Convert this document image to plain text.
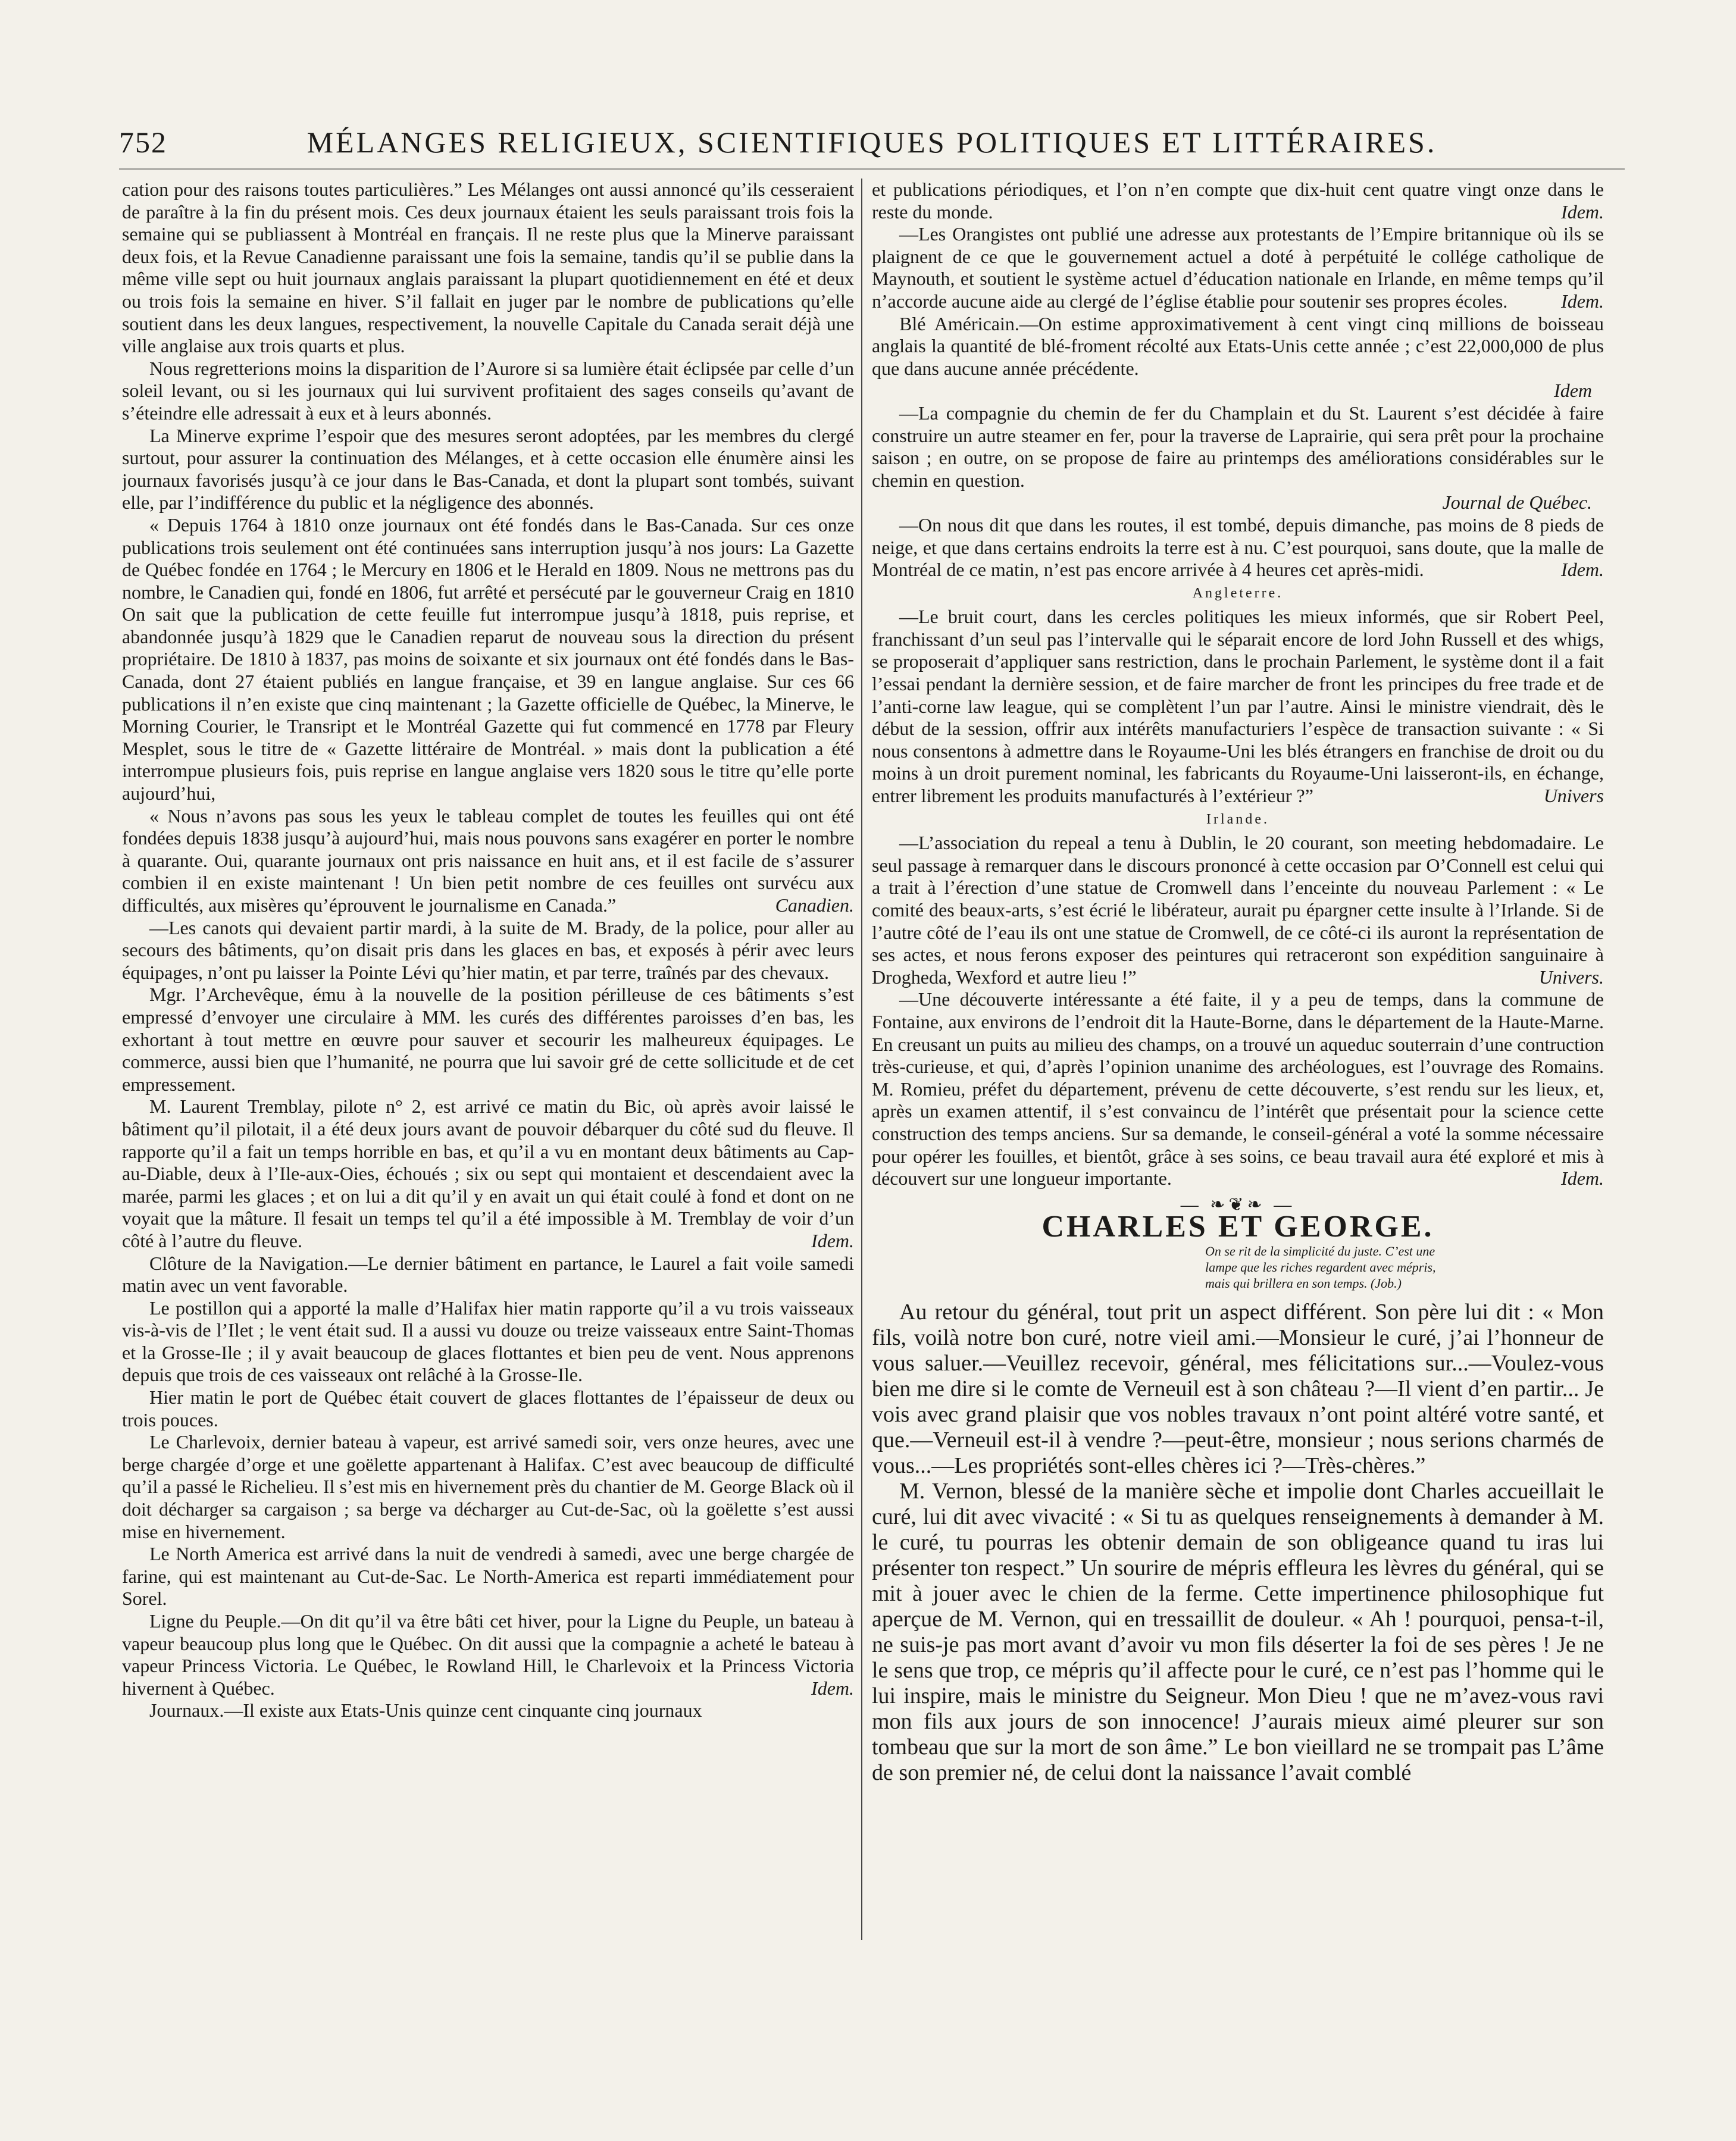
752	MÉLANGES RELIGIEUX, SCIENTIFIQUES POLITIQUES ET LITTÉRAIRES.

cation pour des raisons toutes particulières.” Les Mélanges ont aussi annoncé qu’ils cesseraient de paraître à la fin du présent mois. Ces deux journaux étaient les seuls paraissant trois fois la semaine qui se publiassent à Montréal en français. Il ne reste plus que la Minerve paraissant deux fois, et la Revue Canadienne paraissant une fois la semaine, tandis qu’il se publie dans la même ville sept ou huit journaux anglais paraissant la plupart quotidiennement en été et deux ou trois fois la semaine en hiver. S’il fallait en juger par le nombre de publications qu’elle soutient dans les deux langues, respectivement, la nouvelle Capitale du Canada serait déjà une ville anglaise aux trois quarts et plus.

Nous regretterions moins la disparition de l’Aurore si sa lumière était éclipsée par celle d’un soleil levant, ou si les journaux qui lui survivent profitaient des sages conseils qu’avant de s’éteindre elle adressait à eux et à leurs abonnés.

La Minerve exprime l’espoir que des mesures seront adoptées, par les membres du clergé surtout, pour assurer la continuation des Mélanges, et à cette occasion elle énumère ainsi les journaux favorisés jusqu’à ce jour dans le Bas-Canada, et dont la plupart sont tombés, suivant elle, par l’indifférence du public et la négligence des abonnés.

« Depuis 1764 à 1810 onze journaux ont été fondés dans le Bas-Canada. Sur ces onze publications trois seulement ont été continuées sans interruption jusqu’à nos jours: La Gazette de Québec fondée en 1764 ; le Mercury en 1806 et le Herald en 1809. Nous ne mettrons pas du nombre, le Canadien qui, fondé en 1806, fut arrêté et persécuté par le gouverneur Craig en 1810 On sait que la publication de cette feuille fut interrompue jusqu’à 1818, puis reprise, et abandonnée jusqu’à 1829 que le Canadien reparut de nouveau sous la direction du présent propriétaire. De 1810 à 1837, pas moins de soixante et six journaux ont été fondés dans le Bas-Canada, dont 27 étaient publiés en langue française, et 39 en langue anglaise. Sur ces 66 publications il n’en existe que cinq maintenant ; la Gazette officielle de Québec, la Minerve, le Morning Courier, le Transript et le Montréal Gazette qui fut commencé en 1778 par Fleury Mesplet, sous le titre de « Gazette littéraire de Montréal. » mais dont la publication a été interrompue plusieurs fois, puis reprise en langue anglaise vers 1820 sous le titre qu’elle porte aujourd’hui,

« Nous n’avons pas sous les yeux le tableau complet de toutes les feuilles qui ont été fondées depuis 1838 jusqu’à aujourd’hui, mais nous pouvons sans exagérer en porter le nombre à quarante. Oui, quarante journaux ont pris naissance en huit ans, et il est facile de s’assurer combien il en existe maintenant ! Un bien petit nombre de ces feuilles ont survécu aux difficultés, aux misères qu’éprouvent le journalisme en Canada.”	Canadien.

—Les canots qui devaient partir mardi, à la suite de M. Brady, de la police, pour aller au secours des bâtiments, qu’on disait pris dans les glaces en bas, et exposés à périr avec leurs équipages, n’ont pu laisser la Pointe Lévi qu’hier matin, et par terre, traînés par des chevaux.

Mgr. l’Archevêque, ému à la nouvelle de la position périlleuse de ces bâtiments s’est empressé d’envoyer une circulaire à MM. les curés des différentes paroisses d’en bas, les exhortant à tout mettre en œuvre pour sauver et secourir les malheureux équipages. Le commerce, aussi bien que l’humanité, ne pourra que lui savoir gré de cette sollicitude et de cet empressement.

M. Laurent Tremblay, pilote n° 2, est arrivé ce matin du Bic, où après avoir laissé le bâtiment qu’il pilotait, il a été deux jours avant de pouvoir débarquer du côté sud du fleuve. Il rapporte qu’il a fait un temps horrible en bas, et qu’il a vu en montant deux bâtiments au Cap-au-Diable, deux à l’Ile-aux-Oies, échoués ; six ou sept qui montaient et descendaient avec la marée, parmi les glaces ; et on lui a dit qu’il y en avait un qui était coulé à fond et dont on ne voyait que la mâture. Il fesait un temps tel qu’il a été impossible à M. Tremblay de voir d’un côté à l’autre du fleuve.	Idem.

Clôture de la Navigation.—Le dernier bâtiment en partance, le Laurel a fait voile samedi matin avec un vent favorable.

Le postillon qui a apporté la malle d’Halifax hier matin rapporte qu’il a vu trois vaisseaux vis-à-vis de l’Ilet ; le vent était sud. Il a aussi vu douze ou treize vaisseaux entre Saint-Thomas et la Grosse-Ile ; il y avait beaucoup de glaces flottantes et bien peu de vent. Nous apprenons depuis que trois de ces vaisseaux ont relâché à la Grosse-Ile.

Hier matin le port de Québec était couvert de glaces flottantes de l’épaisseur de deux ou trois pouces.

Le Charlevoix, dernier bateau à vapeur, est arrivé samedi soir, vers onze heures, avec une berge chargée d’orge et une goëlette appartenant à Halifax. C’est avec beaucoup de difficulté qu’il a passé le Richelieu. Il s’est mis en hivernement près du chantier de M. George Black où il doit décharger sa cargaison ; sa berge va décharger au Cut-de-Sac, où la goëlette s’est aussi mise en hivernement.

Le North America est arrivé dans la nuit de vendredi à samedi, avec une berge chargée de farine, qui est maintenant au Cut-de-Sac. Le North-America est reparti immédiatement pour Sorel.

Ligne du Peuple.—On dit qu’il va être bâti cet hiver, pour la Ligne du Peuple, un bateau à vapeur beaucoup plus long que le Québec. On dit aussi que la compagnie a acheté le bateau à vapeur Princess Victoria. Le Québec, le Rowland Hill, le Charlevoix et la Princess Victoria hivernent à Québec.	Idem.

Journaux.—Il existe aux Etats-Unis quinze cent cinquante cinq journaux

et publications périodiques, et l’on n’en compte que dix-huit cent quatre vingt onze dans le reste du monde.	Idem.

—Les Orangistes ont publié une adresse aux protestants de l’Empire britannique où ils se plaignent de ce que le gouvernement actuel a doté à perpétuité le collége catholique de Maynouth, et soutient le système actuel d’éducation nationale en Irlande, en même temps qu’il n’accorde aucune aide au clergé de l’église établie pour soutenir ses propres écoles.	Idem.

Blé Américain.—On estime approximativement à cent vingt cinq millions de boisseau anglais la quantité de blé-froment récolté aux Etats-Unis cette année ; c’est 22,000,000 de plus que dans aucune année précédente.
Idem

—La compagnie du chemin de fer du Champlain et du St. Laurent s’est décidée à faire construire un autre steamer en fer, pour la traverse de Laprairie, qui sera prêt pour la prochaine saison ; en outre, on se propose de faire au printemps des améliorations considérables sur le chemin en question.
Journal de Québec.

—On nous dit que dans les routes, il est tombé, depuis dimanche, pas moins de 8 pieds de neige, et que dans certains endroits la terre est à nu. C’est pourquoi, sans doute, que la malle de Montréal de ce matin, n’est pas encore arrivée à 4 heures cet après-midi.	Idem.

Angleterre.

—Le bruit court, dans les cercles politiques les mieux informés, que sir Robert Peel, franchissant d’un seul pas l’intervalle qui le séparait encore de lord John Russell et des whigs, se proposerait d’appliquer sans restriction, dans le prochain Parlement, le système dont il a fait l’essai pendant la dernière session, et de faire marcher de front les principes du free trade et de l’anti-corne law league, qui se complètent l’un par l’autre. Ainsi le ministre viendrait, dès le début de la session, offrir aux intérêts manufacturiers l’espèce de transaction suivante : « Si nous consentons à admettre dans le Royaume-Uni les blés étrangers en franchise de droit ou du moins à un droit purement nominal, les fabricants du Royaume-Uni laisseront-ils, en échange, entrer librement les produits manufacturés à l’extérieur ?”	Univers

Irlande.

—L’association du repeal a tenu à Dublin, le 20 courant, son meeting hebdomadaire. Le seul passage à remarquer dans le discours prononcé à cette occasion par O’Connell est celui qui a trait à l’érection d’une statue de Cromwell dans l’enceinte du nouveau Parlement : « Le comité des beaux-arts, s’est écrié le libérateur, aurait pu épargner cette insulte à l’Irlande. Si de l’autre côté de l’eau ils ont une statue de Cromwell, de ce côté-ci ils auront la représentation de ses actes, et nous ferons exposer des peintures qui retraceront son expédition sanguinaire à Drogheda, Wexford et autre lieu !”	Univers.

—Une découverte intéressante a été faite, il y a peu de temps, dans la commune de Fontaine, aux environs de l’endroit dit la Haute-Borne, dans le département de la Haute-Marne. En creusant un puits au milieu des champs, on a trouvé un aqueduc souterrain d’une contruction très-curieuse, et qui, d’après l’opinion unanime des archéologues, est l’ouvrage des Romains. M. Romieu, préfet du département, prévenu de cette découverte, s’est rendu sur les lieux, et, après un examen attentif, il s’est convaincu de l’intérêt que présentait pour la science cette construction des temps anciens. Sur sa demande, le conseil-général a voté la somme nécessaire pour opérer les fouilles, et bientôt, grâce à ses soins, ce beau travail aura été exploré et mis à découvert sur une longueur importante.	Idem.

— ❧❦❧ —
CHARLES ET GEORGE.
On se rit de la simplicité du juste. C’est une
lampe que les riches regardent avec mépris,
mais qui brillera en son temps. (Job.)

Au retour du général, tout prit un aspect différent. Son père lui dit : « Mon fils, voilà notre bon curé, notre vieil ami.—Monsieur le curé, j’ai l’honneur de vous saluer.—Veuillez recevoir, général, mes félicitations sur...—Voulez-vous bien me dire si le comte de Verneuil est à son château ?—Il vient d’en partir... Je vois avec grand plaisir que vos nobles travaux n’ont point altéré votre santé, et que.—Verneuil est-il à vendre ?—peut-être, monsieur ; nous serions charmés de vous...—Les propriétés sont-elles chères ici ?—Très-chères.”

M. Vernon, blessé de la manière sèche et impolie dont Charles accueillait le curé, lui dit avec vivacité : « Si tu as quelques renseignements à demander à M. le curé, tu pourras les obtenir demain de son obligeance quand tu iras lui présenter ton respect.” Un sourire de mépris effleura les lèvres du général, qui se mit à jouer avec le chien de la ferme. Cette impertinence philosophique fut aperçue de M. Vernon, qui en tressaillit de douleur. « Ah ! pourquoi, pensa-t-il, ne suis-je pas mort avant d’avoir vu mon fils déserter la foi de ses pères ! Je ne le sens que trop, ce mépris qu’il affecte pour le curé, ce n’est pas l’homme qui le lui inspire, mais le ministre du Seigneur. Mon Dieu ! que ne m’avez-vous ravi mon fils aux jours de son innocence! J’aurais mieux aimé pleurer sur son tombeau que sur la mort de son âme.” Le bon vieillard ne se trompait pas L’âme de son premier né, de celui dont la naissance l’avait comblé
